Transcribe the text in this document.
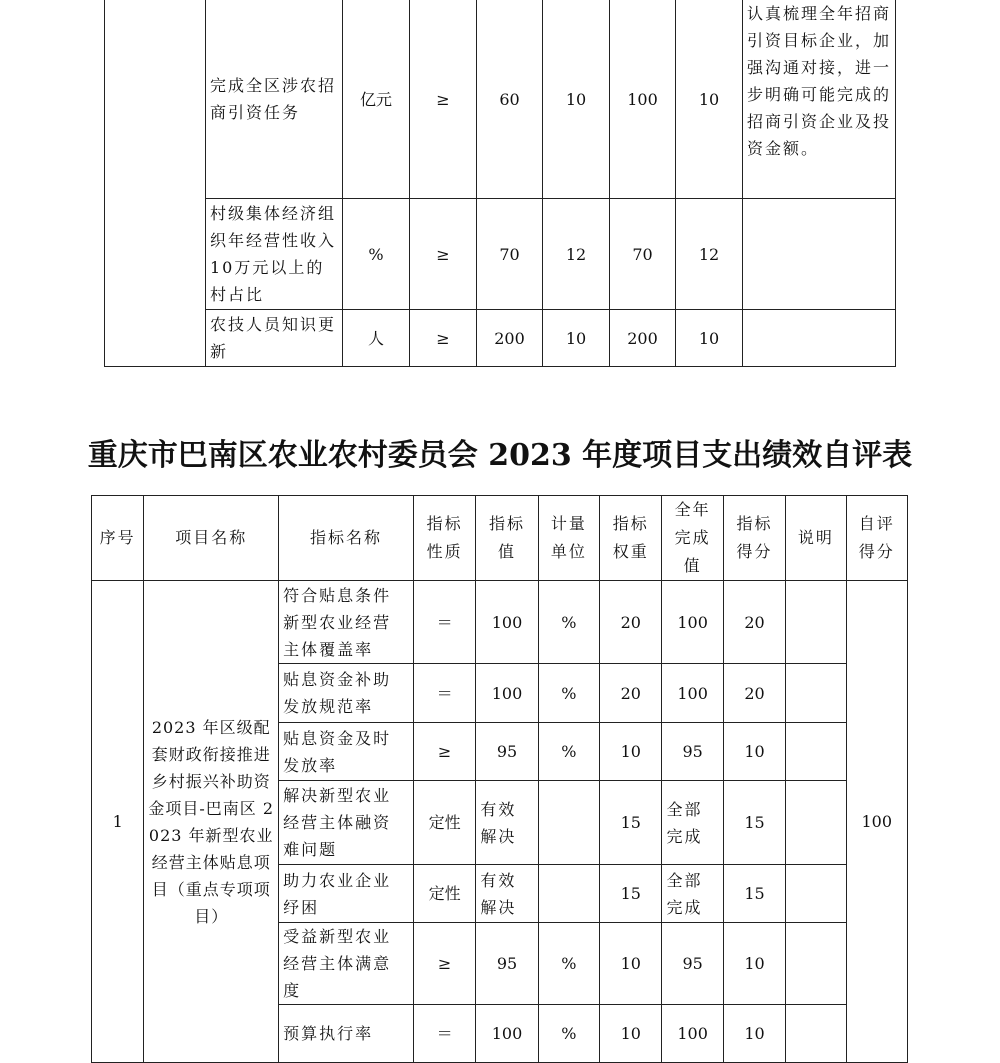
	完成全区涉农招商引资任务	亿元	≥	60	10	100	10	认真梳理全年招商引资目标企业，加强沟通对接，进一步明确可能完成的招商引资企业及投资金额。
	村级集体经济组织年经营性收入10万元以上的村占比	%	≥	70	12	70	12	
	农技人员知识更新	人	≥	200	10	200	10	
重庆市巴南区农业农村委员会 2023 年度项目支出绩效自评表
序号	项目名称	指标名称	指标性质	指标值	计量单位	指标权重	全年完成值	指标得分	说明	自评得分
1	2023 年区级配套财政衔接推进乡村振兴补助资金项目-巴南区 2023 年新型农业经营主体贴息项目（重点专项项目）	符合贴息条件新型农业经营主体覆盖率	＝	100	%	20	100	20		100
		贴息资金补助发放规范率	＝	100	%	20	100	20		
		贴息资金及时发放率	≥	95	%	10	95	10		
		解决新型农业经营主体融资难问题	定性	有效解决		15	全部完成	15		
		助力农业企业纾困	定性	有效解决		15	全部完成	15		
		受益新型农业经营主体满意度	≥	95	%	10	95	10		
		预算执行率	＝	100	%	10	100	10		
